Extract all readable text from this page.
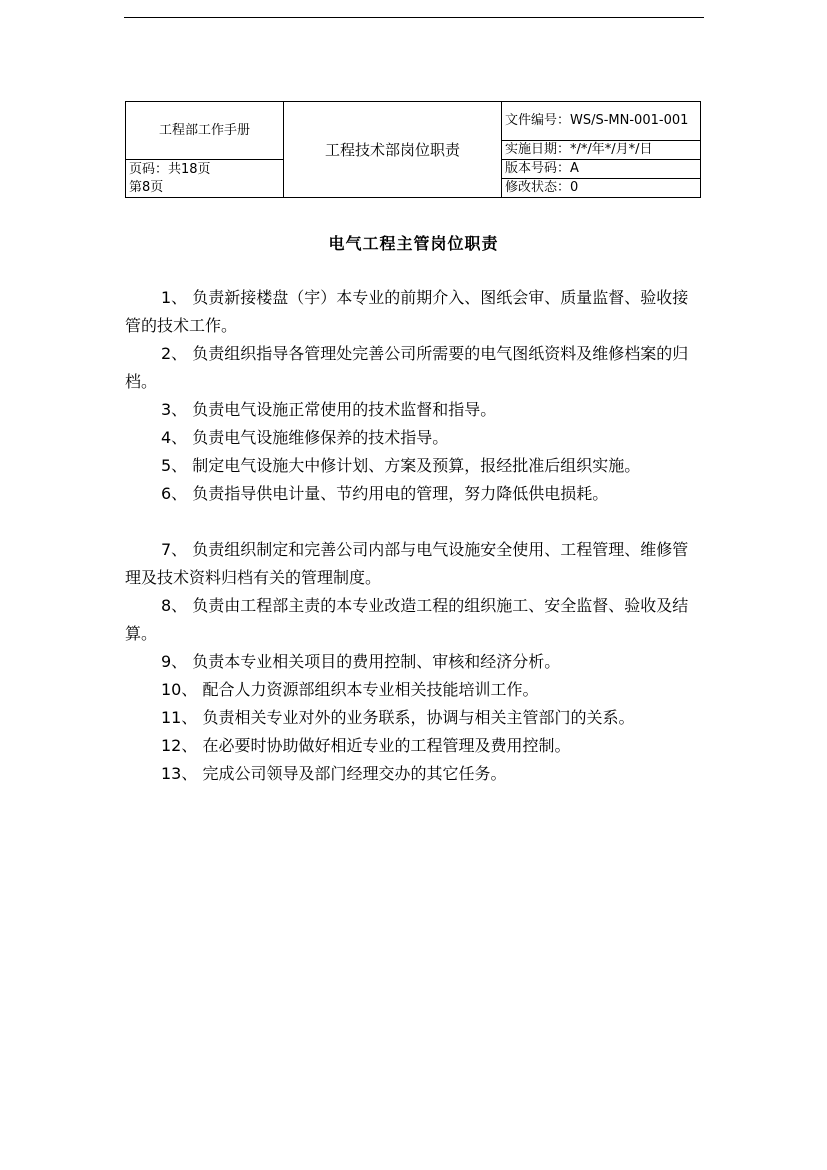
工程部工作手册	工程技术部岗位职责	文件编号：WS/S-MN-001-001
		实施日期：*/*/年*/月*/日

页码：共18页
第8页		版本号码：A
		修改状态：0
电气工程主管岗位职责

1、 负责新接楼盘（宇）本专业的前期介入、图纸会审、质量监督、验收接管的技术工作。

2、 负责组织指导各管理处完善公司所需要的电气图纸资料及维修档案的归档。

3、 负责电气设施正常使用的技术监督和指导。

4、 负责电气设施维修保养的技术指导。

5、 制定电气设施大中修计划、方案及预算，报经批准后组织实施。

6、 负责指导供电计量、节约用电的管理，努力降低供电损耗。

7、 负责组织制定和完善公司内部与电气设施安全使用、工程管理、维修管理及技术资料归档有关的管理制度。

8、 负责由工程部主责的本专业改造工程的组织施工、安全监督、验收及结算。

9、 负责本专业相关项目的费用控制、审核和经济分析。

10、 配合人力资源部组织本专业相关技能培训工作。

11、 负责相关专业对外的业务联系，协调与相关主管部门的关系。

12、 在必要时协助做好相近专业的工程管理及费用控制。

13、 完成公司领导及部门经理交办的其它任务。
